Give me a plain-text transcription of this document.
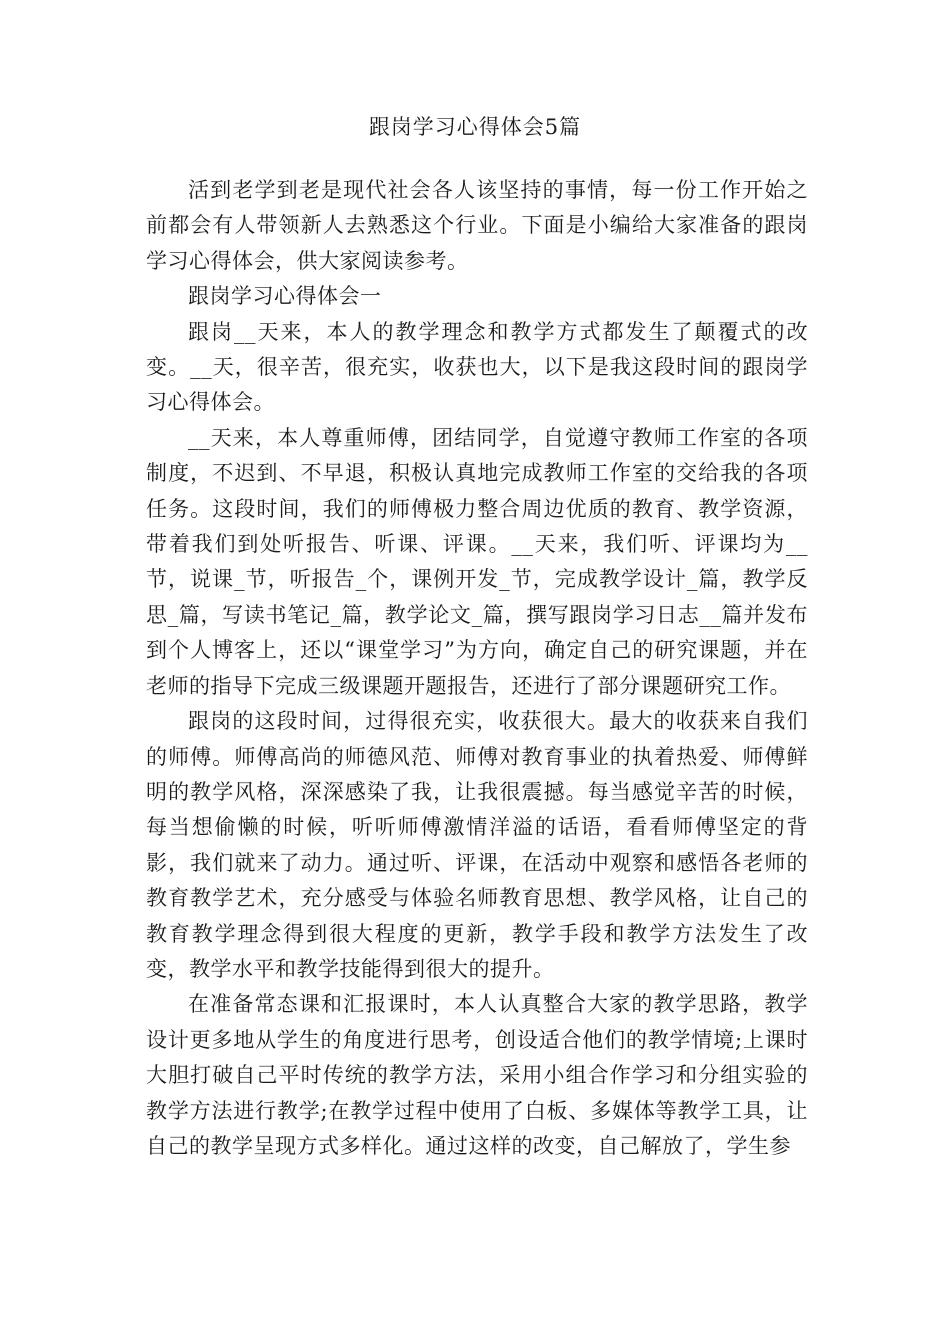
跟岗学习心得体会5篇

活到老学到老是现代社会各人该坚持的事情，每一份工作开始之前都会有人带领新人去熟悉这个行业。下面是小编给大家准备的跟岗学习心得体会，供大家阅读参考。

跟岗学习心得体会一

跟岗__天来，本人的教学理念和教学方式都发生了颠覆式的改变。__天，很辛苦，很充实，收获也大，以下是我这段时间的跟岗学习心得体会。

__天来，本人尊重师傅，团结同学，自觉遵守教师工作室的各项制度，不迟到、不早退，积极认真地完成教师工作室的交给我的各项任务。这段时间，我们的师傅极力整合周边优质的教育、教学资源，带着我们到处听报告、听课、评课。__天来，我们听、评课均为__节，说课_节，听报告_个，课例开发_节，完成教学设计_篇，教学反思_篇，写读书笔记_篇，教学论文_篇，撰写跟岗学习日志__篇并发布到个人博客上，还以“课堂学习”为方向，确定自己的研究课题，并在老师的指导下完成三级课题开题报告，还进行了部分课题研究工作。

跟岗的这段时间，过得很充实，收获很大。最大的收获来自我们的师傅。师傅高尚的师德风范、师傅对教育事业的执着热爱、师傅鲜明的教学风格，深深感染了我，让我很震撼。每当感觉辛苦的时候，每当想偷懒的时候，听听师傅激情洋溢的话语，看看师傅坚定的背影，我们就来了动力。通过听、评课，在活动中观察和感悟各老师的教育教学艺术，充分感受与体验名师教育思想、教学风格，让自己的教育教学理念得到很大程度的更新，教学手段和教学方法发生了改变，教学水平和教学技能得到很大的提升。

在准备常态课和汇报课时，本人认真整合大家的教学思路，教学设计更多地从学生的角度进行思考，创设适合他们的教学情境;上课时大胆打破自己平时传统的教学方法，采用小组合作学习和分组实验的教学方法进行教学;在教学过程中使用了白板、多媒体等教学工具，让自己的教学呈现方式多样化。通过这样的改变，自己解放了，学生参
